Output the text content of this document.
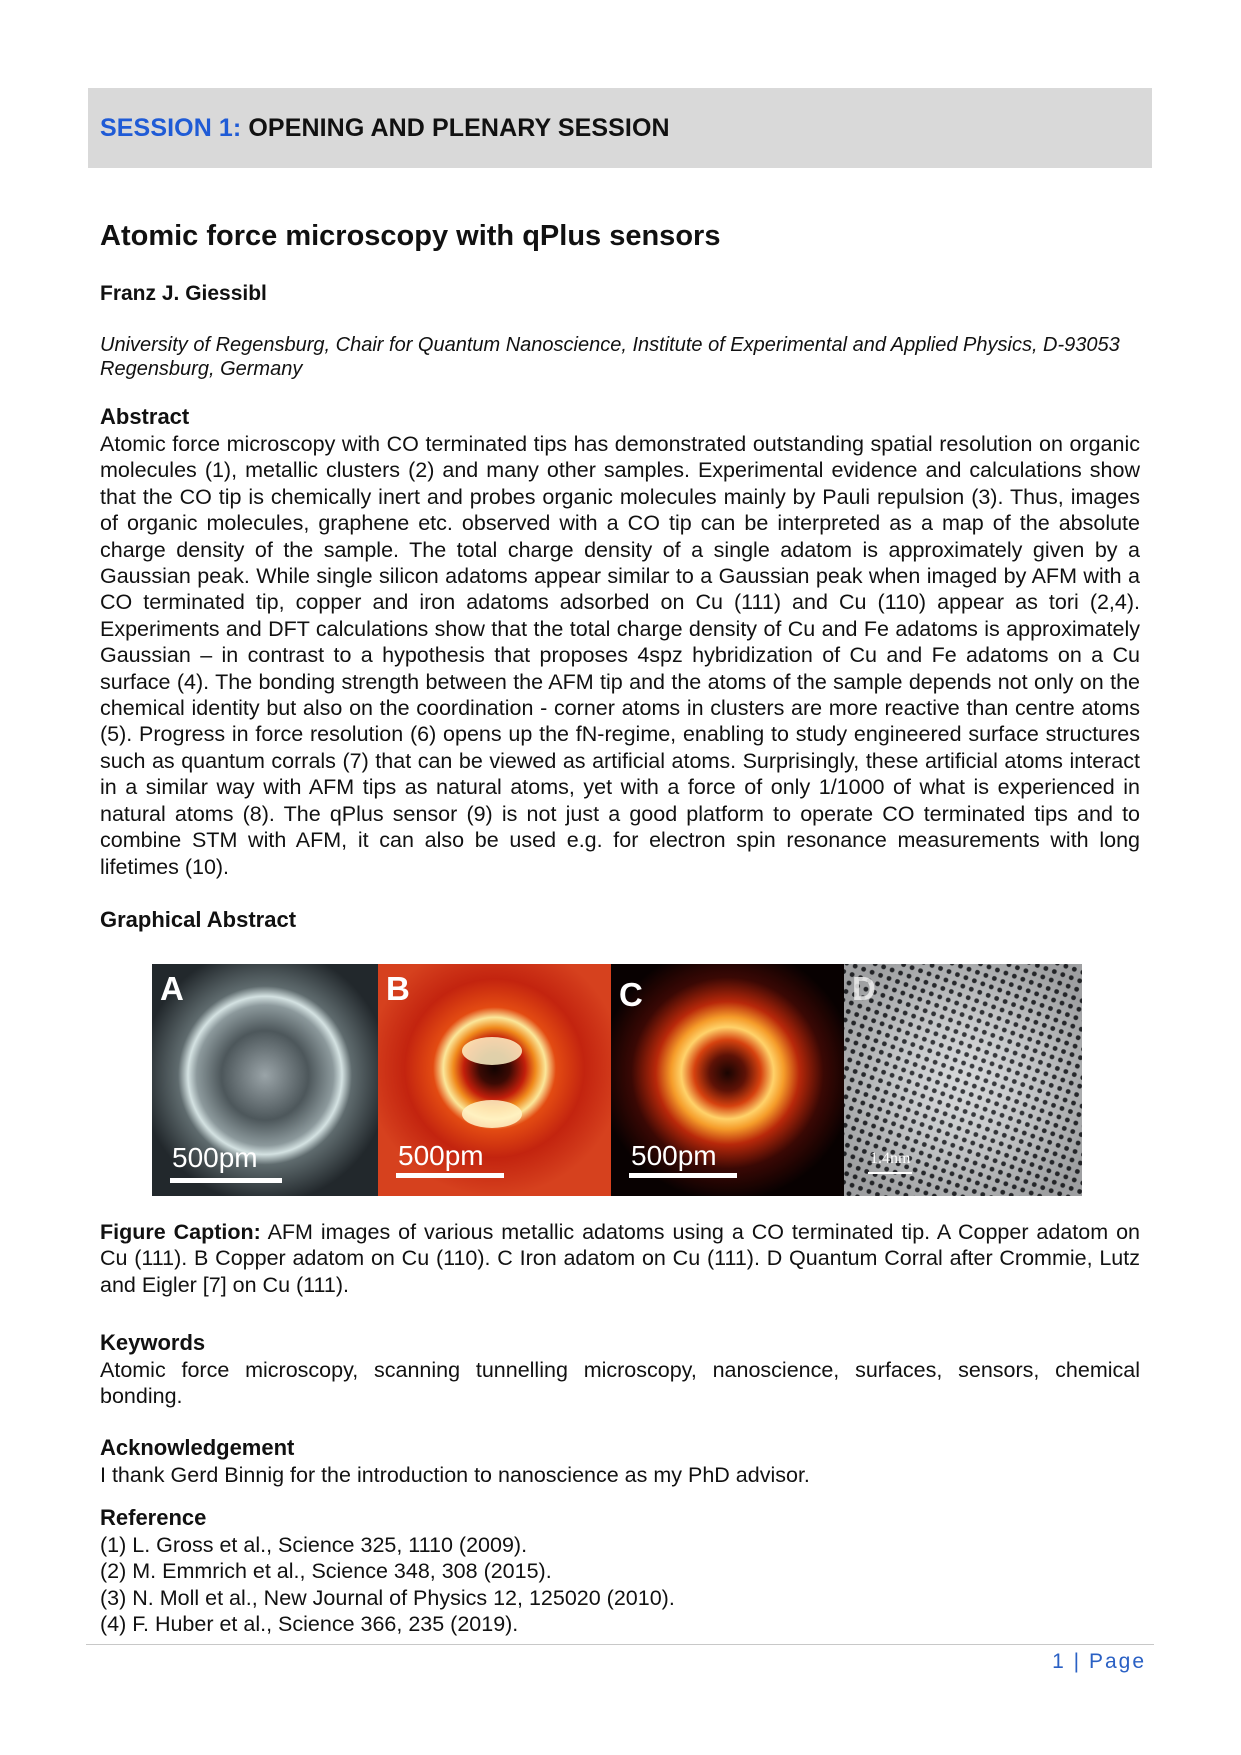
SESSION 1: OPENING AND PLENARY SESSION
Atomic force microscopy with qPlus sensors
Franz J. Giessibl
University of Regensburg, Chair for Quantum Nanoscience, Institute of Experimental and Applied Physics, D-93053 Regensburg, Germany
Abstract
Atomic force microscopy with CO terminated tips has demonstrated outstanding spatial resolution on organic molecules (1), metallic clusters (2) and many other samples. Experimental evidence and calculations show that the CO tip is chemically inert and probes organic molecules mainly by Pauli repulsion (3). Thus, images of organic molecules, graphene etc. observed with a CO tip can be interpreted as a map of the absolute charge density of the sample. The total charge density of a single adatom is approximately given by a Gaussian peak. While single silicon adatoms appear similar to a Gaussian peak when imaged by AFM with a CO terminated tip, copper and iron adatoms adsorbed on Cu (111) and Cu (110) appear as tori (2,4). Experiments and DFT calculations show that the total charge density of Cu and Fe adatoms is approximately Gaussian – in contrast to a hypothesis that proposes 4spz hybridization of Cu and Fe adatoms on a Cu surface (4). The bonding strength between the AFM tip and the atoms of the sample depends not only on the chemical identity but also on the coordination - corner atoms in clusters are more reactive than centre atoms (5). Progress in force resolution (6) opens up the fN-regime, enabling to study engineered surface structures such as quantum corrals (7) that can be viewed as artificial atoms. Surprisingly, these artificial atoms interact in a similar way with AFM tips as natural atoms, yet with a force of only 1/1000 of what is experienced in natural atoms (8). The qPlus sensor (9) is not just a good platform to operate CO terminated tips and to combine STM with AFM, it can also be used e.g. for electron spin resonance measurements with long lifetimes (10).
Graphical Abstract
A
500pm
B
500pm
C
500pm
D
1.4nm
Figure Caption: AFM images of various metallic adatoms using a CO terminated tip. A Copper adatom on Cu (111). B Copper adatom on Cu (110). C Iron adatom on Cu (111). D Quantum Corral after Crommie, Lutz and Eigler [7] on Cu (111).
Keywords
Atomic force microscopy, scanning tunnelling microscopy, nanoscience, surfaces, sensors, chemical bonding.
Acknowledgement
I thank Gerd Binnig for the introduction to nanoscience as my PhD advisor.
Reference
(1) L. Gross et al., Science 325, 1110 (2009).
(2) M. Emmrich et al., Science 348, 308 (2015).
(3) N. Moll et al., New Journal of Physics 12, 125020 (2010).
(4) F. Huber et al., Science 366, 235 (2019).
1 | Page
